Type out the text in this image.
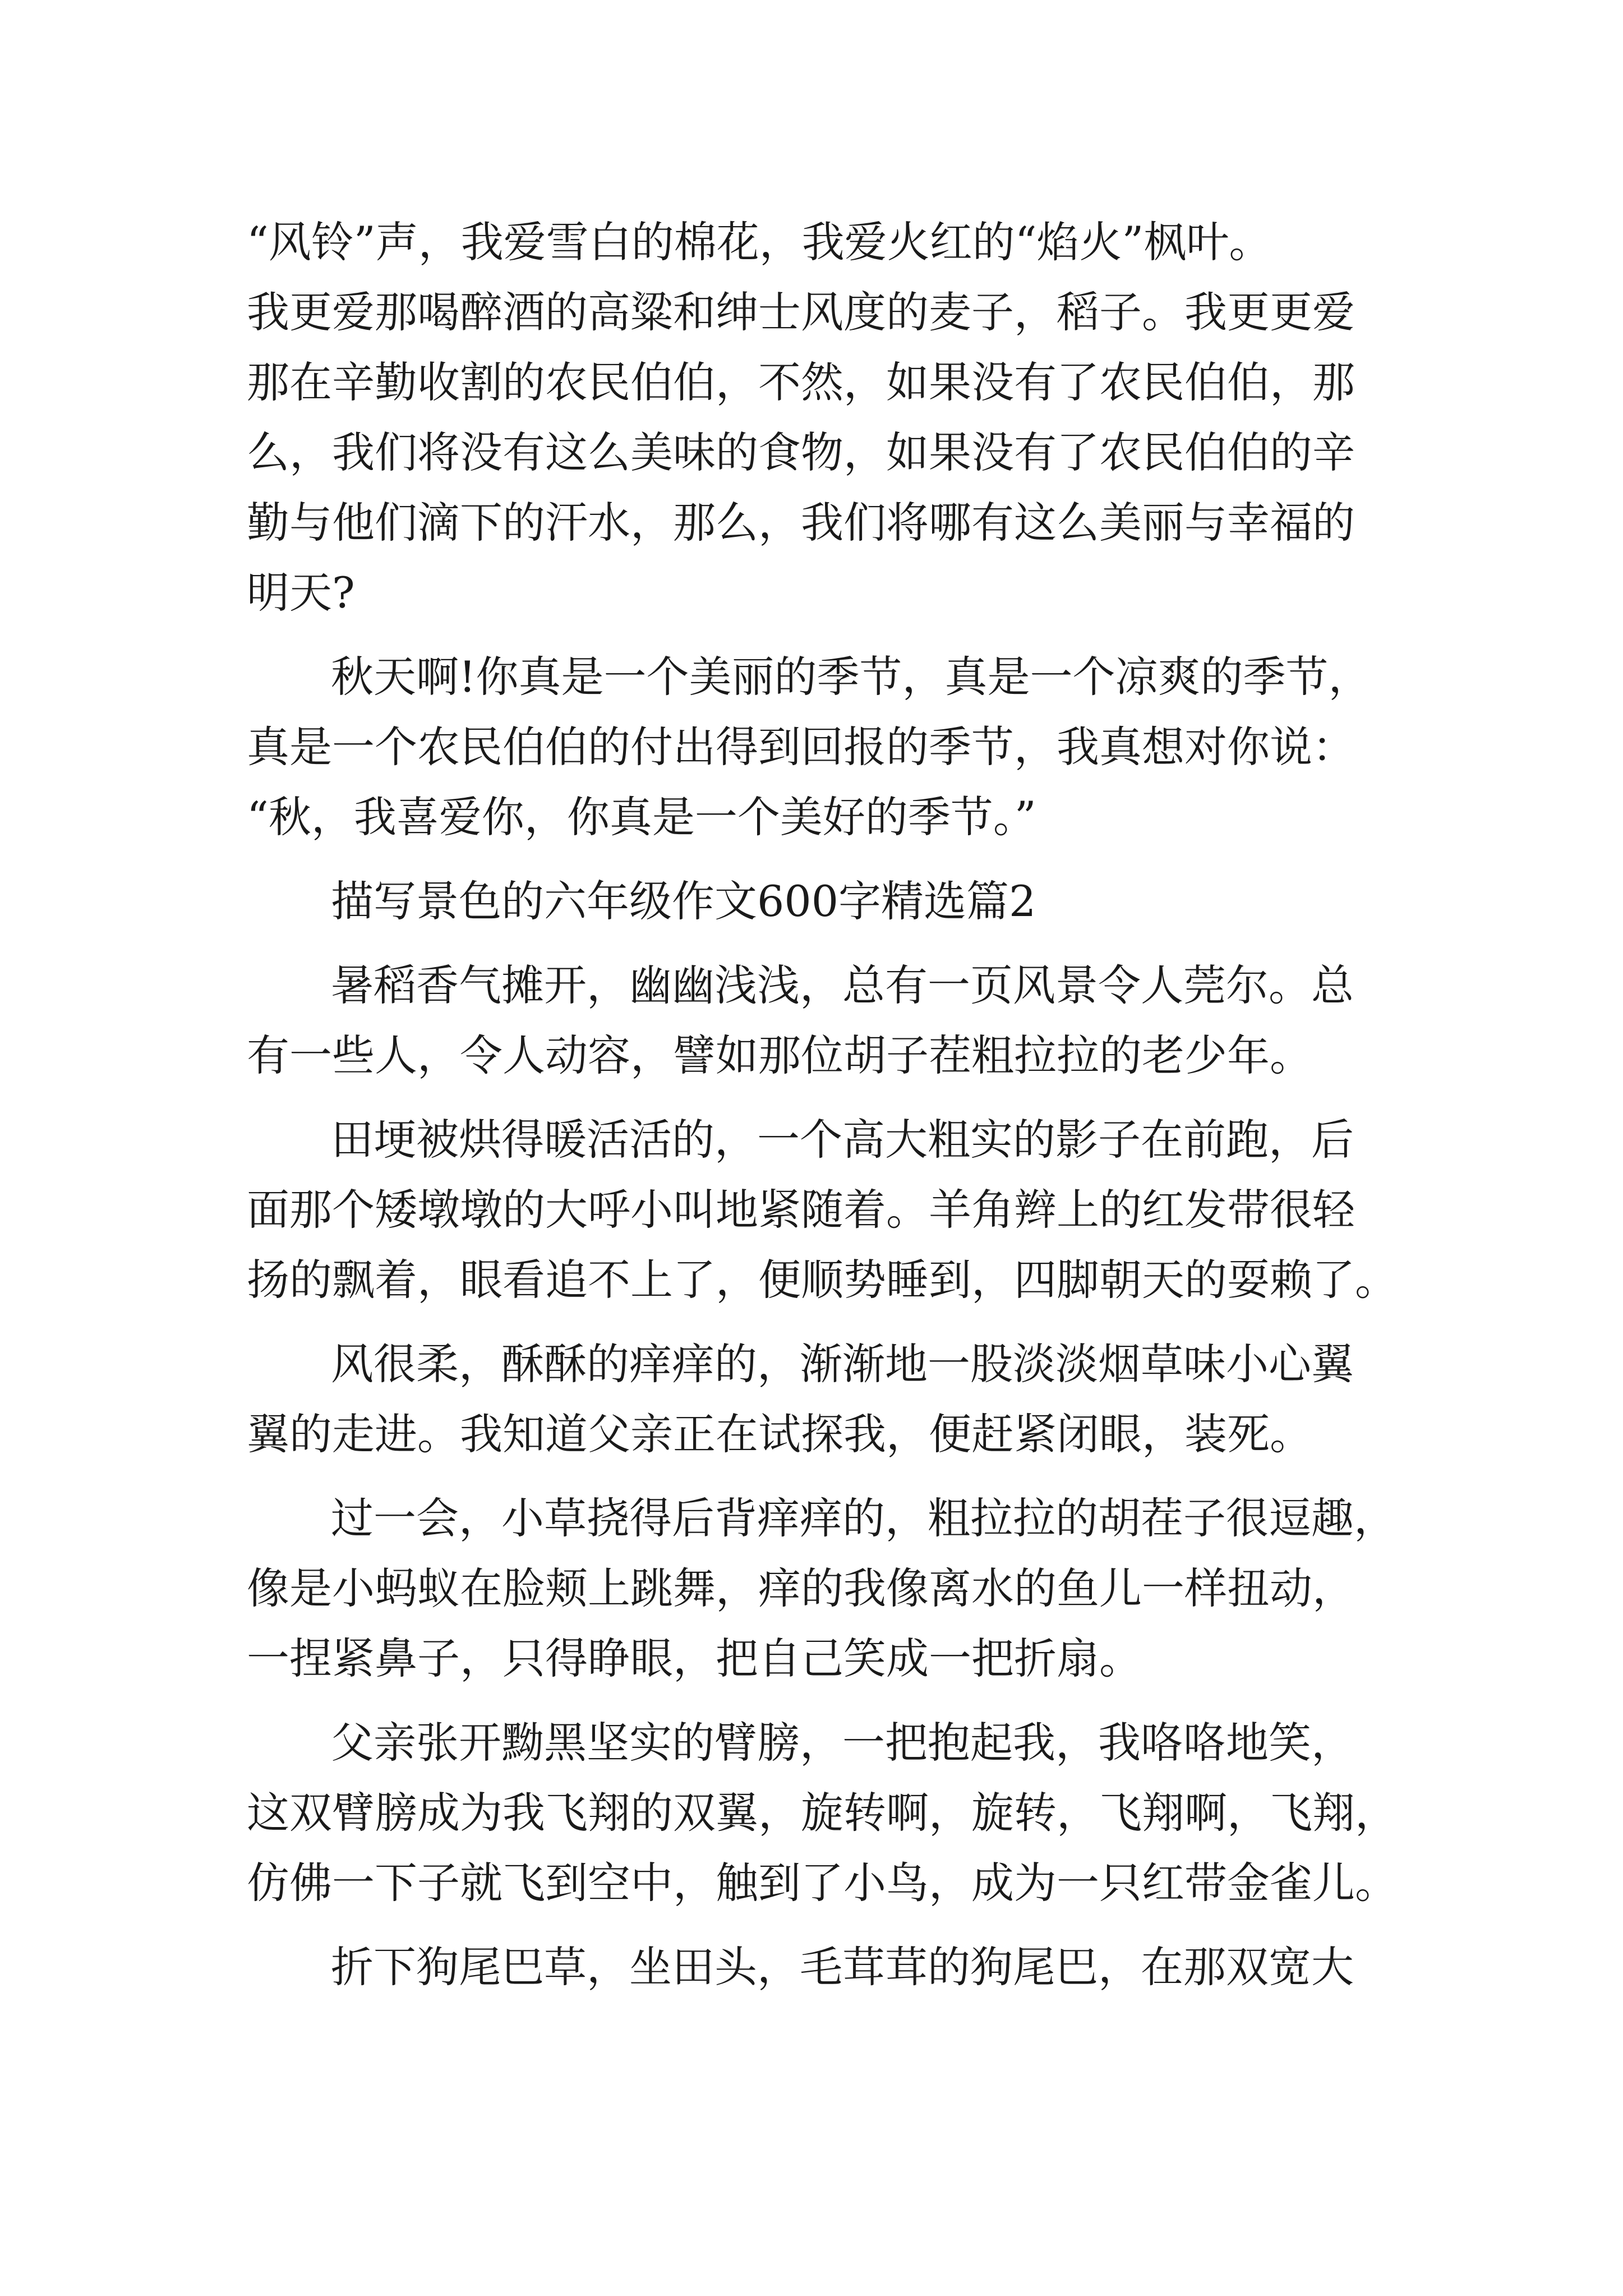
“风铃”声，我爱雪白的棉花，我爱火红的“焰火”枫叶。
我更爱那喝醉酒的高粱和绅士风度的麦子，稻子。我更更爱
那在辛勤收割的农民伯伯，不然，如果没有了农民伯伯，那
么，我们将没有这么美味的食物，如果没有了农民伯伯的辛
勤与他们滴下的汗水，那么，我们将哪有这么美丽与幸福的
明天?
秋天啊!你真是一个美丽的季节，真是一个凉爽的季节，
真是一个农民伯伯的付出得到回报的季节，我真想对你说：
“秋，我喜爱你，你真是一个美好的季节。”
描写景色的六年级作文600字精选篇2
暑稻香气摊开，幽幽浅浅，总有一页风景令人莞尔。总
有一些人，令人动容，譬如那位胡子茬粗拉拉的老少年。
田埂被烘得暖活活的，一个高大粗实的影子在前跑，后
面那个矮墩墩的大呼小叫地紧随着。羊角辫上的红发带很轻
扬的飘着，眼看追不上了，便顺势睡到，四脚朝天的耍赖了。
风很柔，酥酥的痒痒的，渐渐地一股淡淡烟草味小心翼
翼的走进。我知道父亲正在试探我，便赶紧闭眼，装死。
过一会，小草挠得后背痒痒的，粗拉拉的胡茬子很逗趣，
像是小蚂蚁在脸颊上跳舞，痒的我像离水的鱼儿一样扭动，
一捏紧鼻子，只得睁眼，把自己笑成一把折扇。
父亲张开黝黑坚实的臂膀，一把抱起我，我咯咯地笑，
这双臂膀成为我飞翔的双翼，旋转啊，旋转，飞翔啊，飞翔，
仿佛一下子就飞到空中，触到了小鸟，成为一只红带金雀儿。
折下狗尾巴草，坐田头，毛茸茸的狗尾巴，在那双宽大
